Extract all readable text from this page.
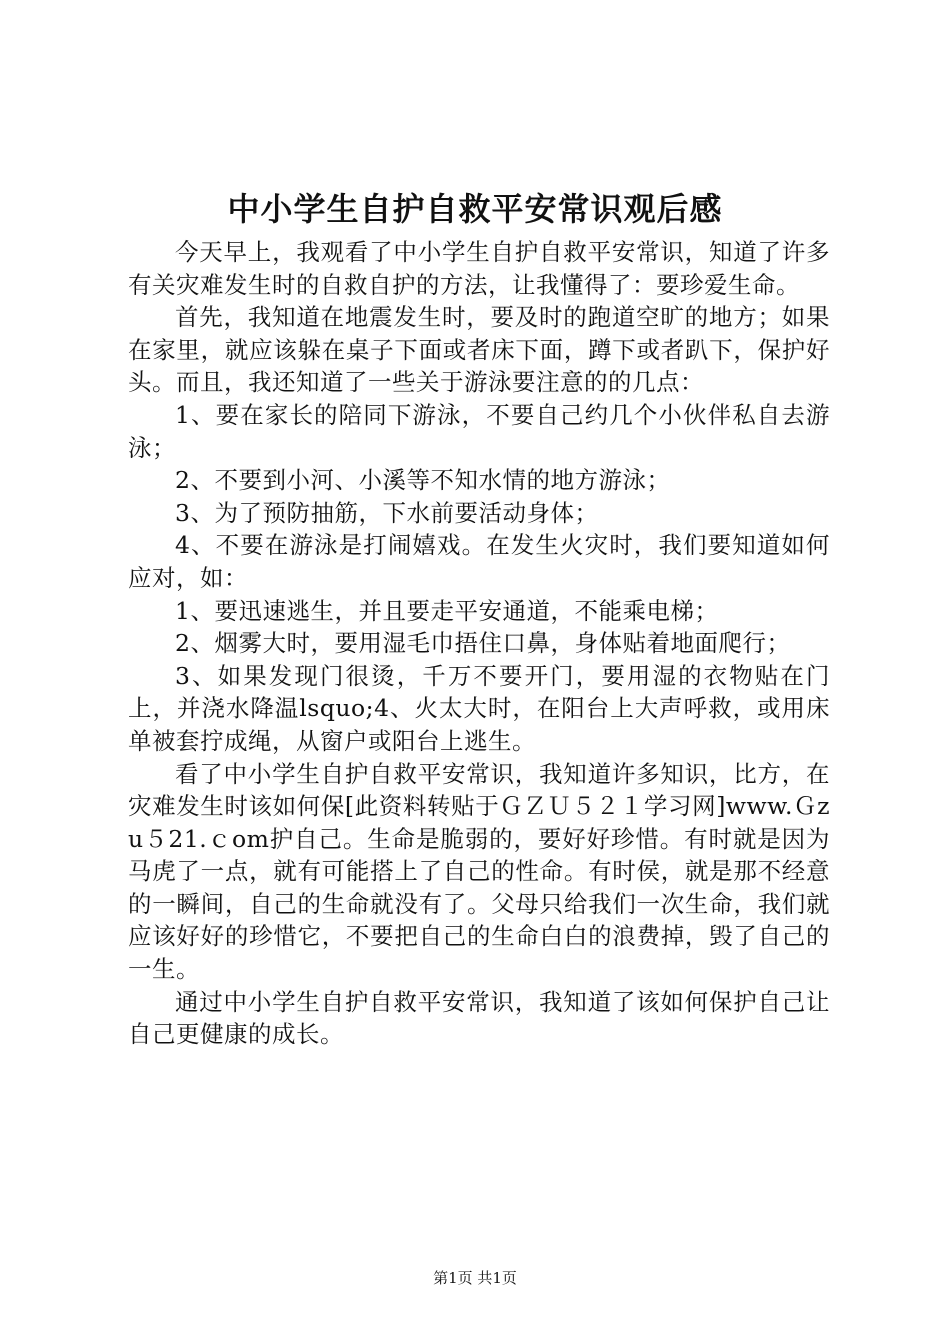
中小学生自护自救平安常识观后感

今天早上，我观看了中小学生自护自救平安常识，知道了许多有关灾难发生时的自救自护的方法，让我懂得了：要珍爱生命。

首先，我知道在地震发生时，要及时的跑道空旷的地方；如果在家里，就应该躲在桌子下面或者床下面，蹲下或者趴下，保护好头。而且，我还知道了一些关于游泳要注意的的几点：

1、要在家长的陪同下游泳，不要自己约几个小伙伴私自去游泳；

2、不要到小河、小溪等不知水情的地方游泳；

3、为了预防抽筋，下水前要活动身体；

4、不要在游泳是打闹嬉戏。在发生火灾时，我们要知道如何应对，如：

1、要迅速逃生，并且要走平安通道，不能乘电梯；

2、烟雾大时，要用湿毛巾捂住口鼻，身体贴着地面爬行；

3、如果发现门很烫，千万不要开门，要用湿的衣物贴在门上，并浇水降温lsquo;4、火太大时，在阳台上大声呼救，或用床单被套拧成绳，从窗户或阳台上逃生。

看了中小学生自护自救平安常识，我知道许多知识，比方，在灾难发生时该如何保[此资料转贴于ＧＺＵ５２１学习网]www.Ｇzu５21.ｃom护自己。生命是脆弱的，要好好珍惜。有时就是因为马虎了一点，就有可能搭上了自己的性命。有时侯，就是那不经意的一瞬间，自己的生命就没有了。父母只给我们一次生命，我们就应该好好的珍惜它，不要把自己的生命白白的浪费掉，毁了自己的一生。

通过中小学生自护自救平安常识，我知道了该如何保护自己让自己更健康的成长。

第1页 共1页
